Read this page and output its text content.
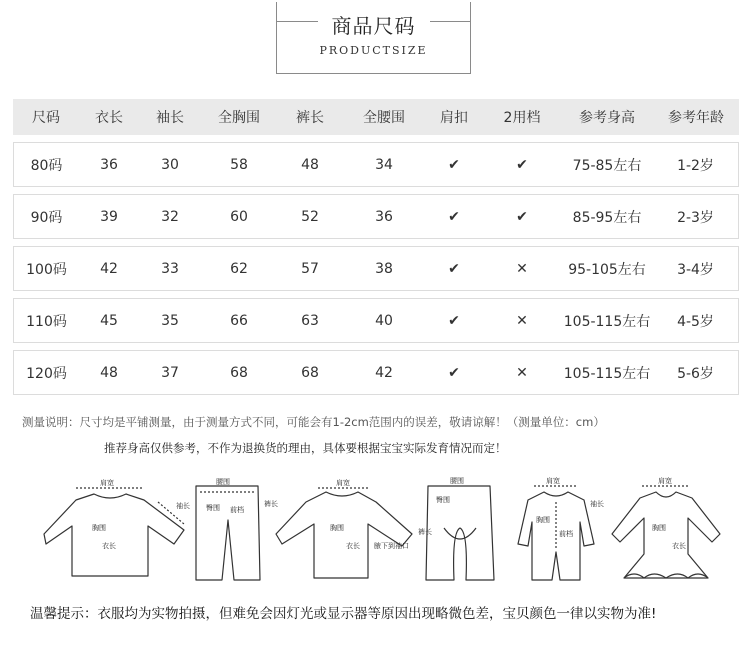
商品尺码
PRODUCTSIZE
尺码	衣长	袖长	全胸围	裤长	全腰围	肩扣	2用档	参考身高	参考年龄
80码	36	30	58	48	34	✔	✔	75-85左右	1-2岁
90码	39	32	60	52	36	✔	✔	85-95左右	2-3岁
100码	42	33	62	57	38	✔	✕	95-105左右	3-4岁
110码	45	35	66	63	40	✔	✕	105-115左右	4-5岁
120码	48	37	68	68	42	✔	✕	105-115左右	5-6岁
测量说明：尺寸均是平铺测量，由于测量方式不同，可能会有1-2cm范围内的误差，敬请谅解！（测量单位：cm）
推荐身高仅供参考，不作为退换货的理由，具体要根据宝宝实际发育情况而定！
肩宽
袖长
胸围
衣长
腰围
臀围 前档
裤长
肩宽
胸围
衣长 腋下到袖口
腰围
臀围
裤长
肩宽
胸围
前档
袖长
肩宽
胸围
衣长
温馨提示：衣服均为实物拍摄，但难免会因灯光或显示器等原因出现略微色差，宝贝颜色一律以实物为准!
